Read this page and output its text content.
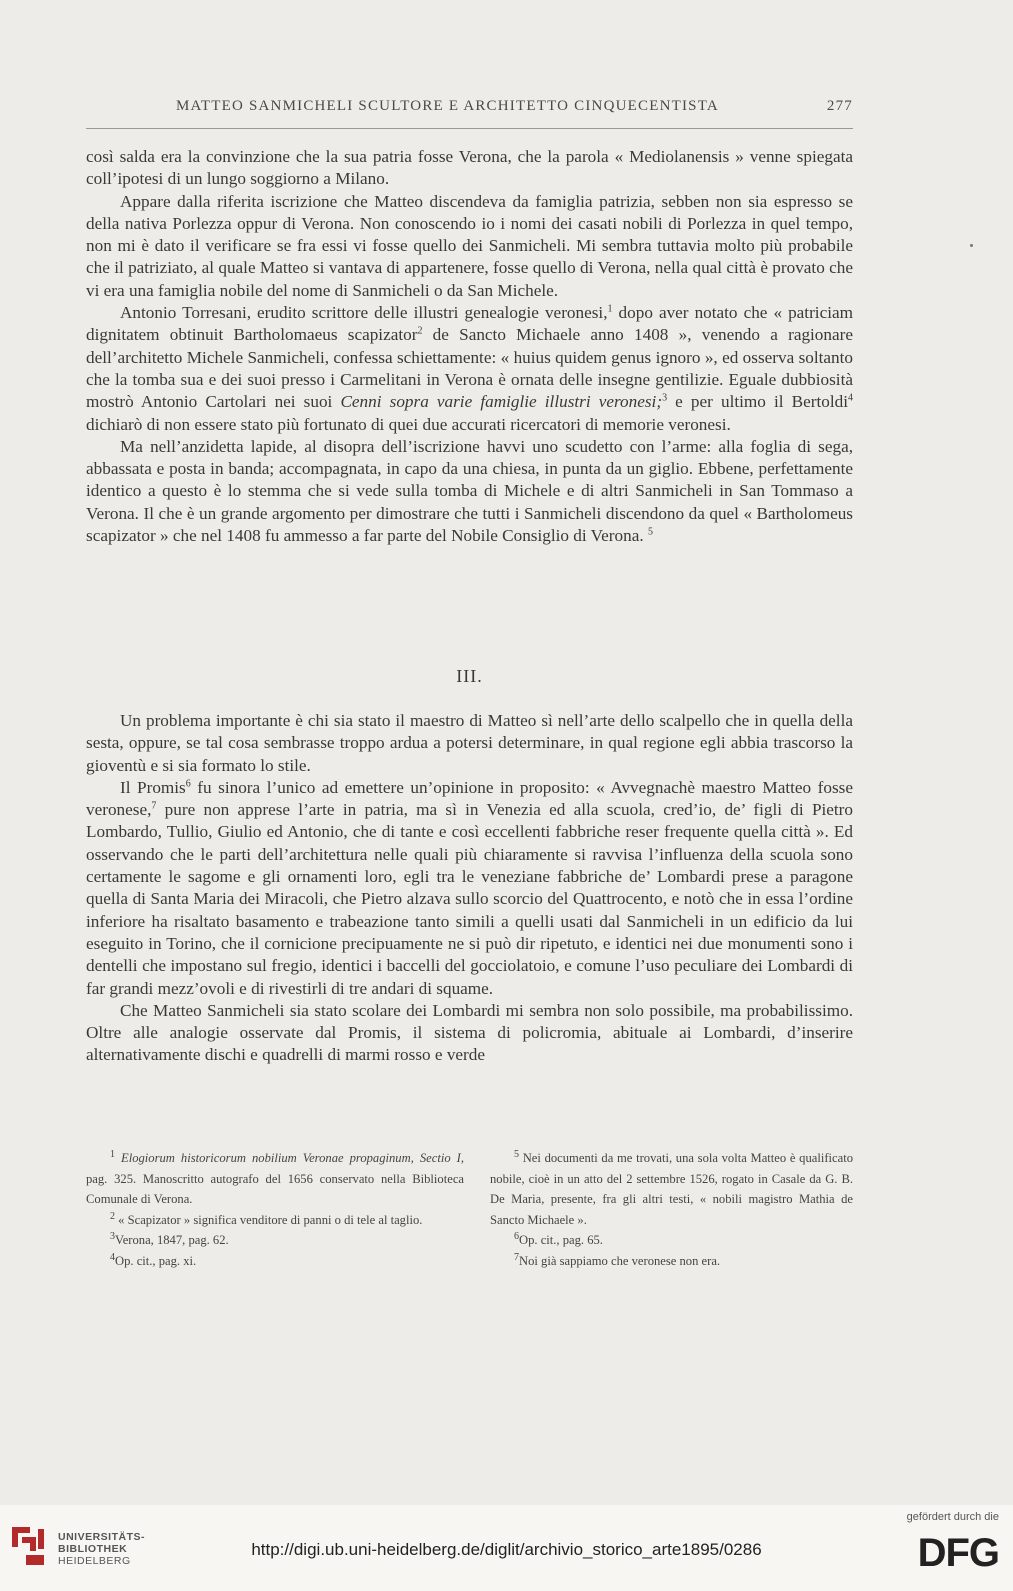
MATTEO SANMICHELI SCULTORE E ARCHITETTO CINQUECENTISTA	277

così salda era la convinzione che la sua patria fosse Verona, che la parola « Mediolanensis » venne spiegata coll’ipotesi di un lungo soggiorno a Milano.

Appare dalla riferita iscrizione che Matteo discendeva da famiglia patrizia, sebben non sia espresso se della nativa Porlezza oppur di Verona. Non conoscendo io i nomi dei casati nobili di Porlezza in quel tempo, non mi è dato il verificare se fra essi vi fosse quello dei Sanmicheli. Mi sembra tuttavia molto più probabile che il patriziato, al quale Matteo si vantava di appartenere, fosse quello di Verona, nella qual città è provato che vi era una famiglia nobile del nome di Sanmicheli o da San Michele.

Antonio Torresani, erudito scrittore delle illustri genealogie veronesi,$^1$ dopo aver notato che « patriciam dignitatem obtinuit Bartholomaeus scapizator$^2$ de Sancto Michaele anno 1408 », venendo a ragionare dell’architetto Michele Sanmicheli, confessa schiettamente: « huius quidem genus ignoro », ed osserva soltanto che la tomba sua e dei suoi presso i Carmelitani in Verona è ornata delle insegne gentilizie. Eguale dubbiosità mostrò Antonio Cartolari nei suoi Cenni sopra varie famiglie illustri veronesi;$^3$ e per ultimo il Bertoldi$^4$ dichiarò di non essere stato più fortunato di quei due accurati ricercatori di memorie veronesi.

Ma nell’anzidetta lapide, al disopra dell’iscrizione havvi uno scudetto con l’arme: alla foglia di sega, abbassata e posta in banda; accompagnata, in capo da una chiesa, in punta da un giglio. Ebbene, perfettamente identico a questo è lo stemma che si vede sulla tomba di Michele e di altri Sanmicheli in San Tommaso a Verona. Il che è un grande argomento per dimostrare che tutti i Sanmicheli discendono da quel « Bartholomeus scapizator » che nel 1408 fu ammesso a far parte del Nobile Consiglio di Verona. $^5$

III.

Un problema importante è chi sia stato il maestro di Matteo sì nell’arte dello scalpello che in quella della sesta, oppure, se tal cosa sembrasse troppo ardua a potersi determinare, in qual regione egli abbia trascorso la gioventù e si sia formato lo stile.

Il Promis$^6$ fu sinora l’unico ad emettere un’opinione in proposito: « Avvegnachè maestro Matteo fosse veronese,$^7$ pure non apprese l’arte in patria, ma sì in Venezia ed alla scuola, cred’io, de’ figli di Pietro Lombardo, Tullio, Giulio ed Antonio, che di tante e così eccellenti fabbriche reser frequente quella città ». Ed osservando che le parti dell’architettura nelle quali più chiaramente si ravvisa l’influenza della scuola sono certamente le sagome e gli ornamenti loro, egli tra le veneziane fabbriche de’ Lombardi prese a paragone quella di Santa Maria dei Miracoli, che Pietro alzava sullo scorcio del Quattrocento, e notò che in essa l’ordine inferiore ha risaltato basamento e trabeazione tanto simili a quelli usati dal Sanmicheli in un edificio da lui eseguito in Torino, che il cornicione precipuamente ne si può dir ripetuto, e identici nei due monumenti sono i dentelli che impostano sul fregio, identici i baccelli del gocciolatoio, e comune l’uso peculiare dei Lombardi di far grandi mezz’ovoli e di rivestirli di tre andari di squame.

Che Matteo Sanmicheli sia stato scolare dei Lombardi mi sembra non solo possibile, ma probabilissimo. Oltre alle analogie osservate dal Promis, il sistema di policromia, abituale ai Lombardi, d’inserire alternativamente dischi e quadrelli di marmi rosso e verde

$^1$ Elogiorum historicorum nobilium Veronae propaginum, Sectio I, pag. 325. Manoscritto autografo del 1656 conservato nella Biblioteca Comunale di Verona.

$^2$ « Scapizator » significa venditore di panni o di tele al taglio.

$^3$Verona, 1847, pag. 62.

$^4$Op. cit., pag. xi.

$^5$ Nei documenti da me trovati, una sola volta Matteo è qualificato nobile, cioè in un atto del 2 settembre 1526, rogato in Casale da G. B. De Maria, presente, fra gli altri testi, « nobili magistro Mathia de Sancto Michaele ».

$^6$Op. cit., pag. 65.

$^7$Noi già sappiamo che veronese non era.

UNIVERSITÄTS-
BIBLIOTHEK
HEIDELBERG
http://digi.ub.uni-heidelberg.de/diglit/archivio_storico_arte1895/0286
gefördert durch die
DFG
